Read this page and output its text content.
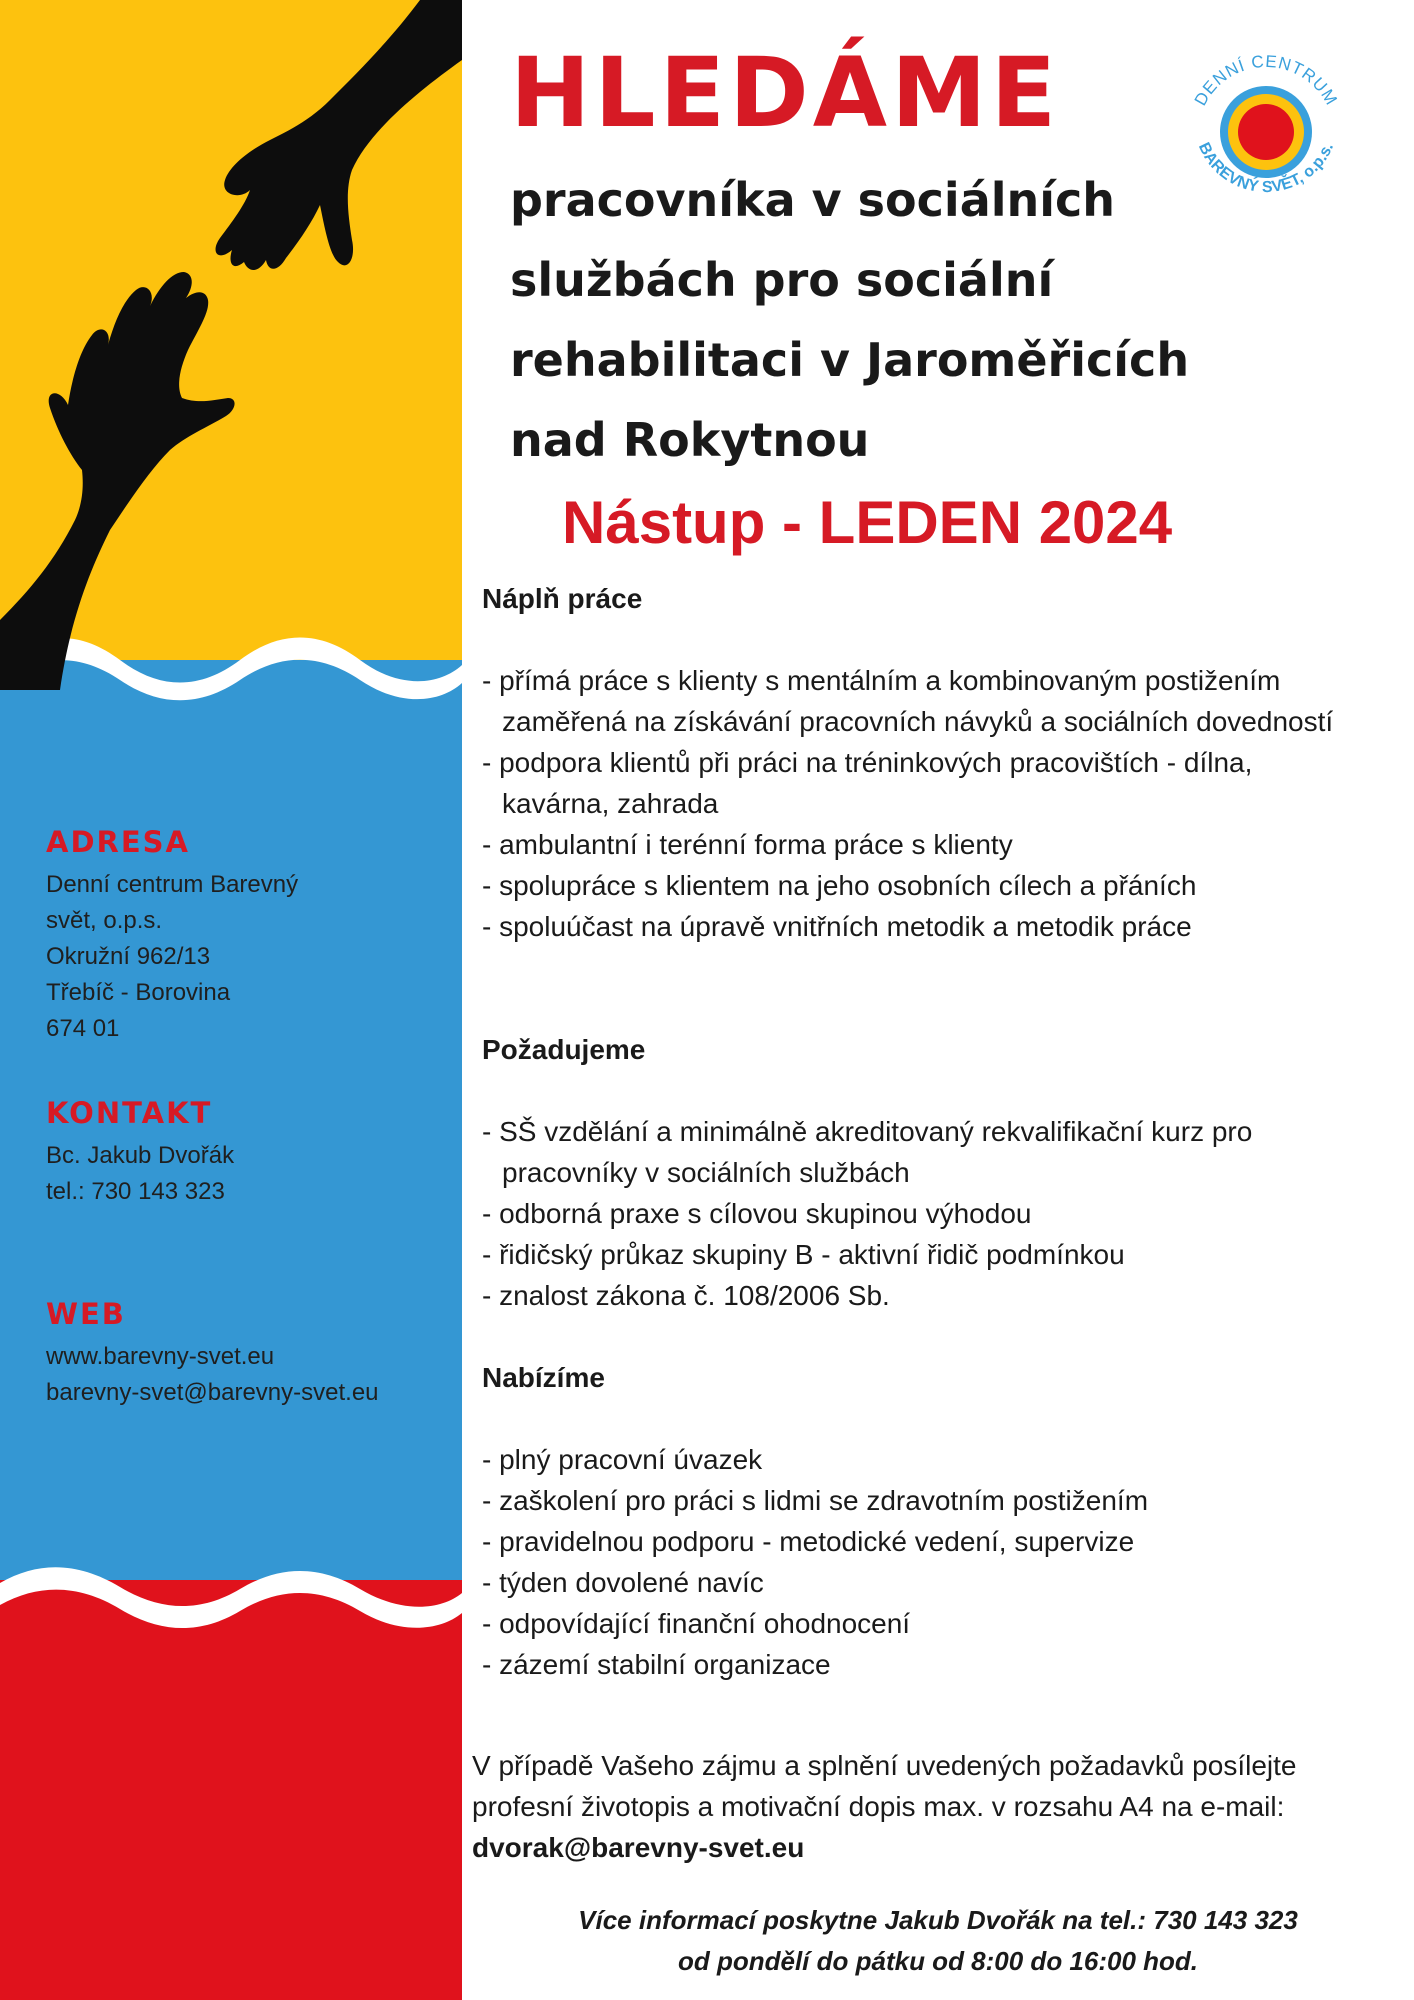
ADRESA
Denní centrum Barevný
svět, o.p.s.
Okružní 962/13
Třebíč - Borovina
674 01
KONTAKT
Bc. Jakub Dvořák
tel.: 730 143 323
WEB
www.barevny-svet.eu
barevny-svet@barevny-svet.eu
HLEDÁME
pracovníka v sociálních
službách pro sociální
rehabilitaci v Jaroměřicích
nad Rokytnou
Nástup - LEDEN 2024
DENNÍ CENTRUM
BAREVNÝ SVĚT, o.p.s.

Náplň práce

- přímá práce s klienty s mentálním a kombinovaným postižením zaměřená na získávání pracovních návyků a sociálních dovedností
- podpora klientů při práci na tréninkových pracovištích - dílna, kavárna, zahrada
- ambulantní i terénní forma práce s klienty
- spolupráce s klientem na jeho osobních cílech a přáních
- spoluúčast na úpravě vnitřních metodik a metodik práce

Požadujeme

- SŠ vzdělání a minimálně akreditovaný rekvalifikační kurz pro pracovníky v sociálních službách
- odborná praxe s cílovou skupinou výhodou
- řidičský průkaz skupiny B - aktivní řidič podmínkou
- znalost zákona č. 108/2006 Sb.

Nabízíme

- plný pracovní úvazek
- zaškolení pro práci s lidmi se zdravotním postižením
- pravidelnou podporu - metodické vedení, supervize
- týden dovolené navíc
- odpovídající finanční ohodnocení
- zázemí stabilní organizace
V případě Vašeho zájmu a splnění uvedených požadavků posílejte profesní životopis a motivační dopis max. v rozsahu A4 na e-mail: dvorak@barevny-svet.eu
Více informací poskytne Jakub Dvořák na tel.: 730 143 323
od pondělí do pátku od 8:00 do 16:00 hod.
